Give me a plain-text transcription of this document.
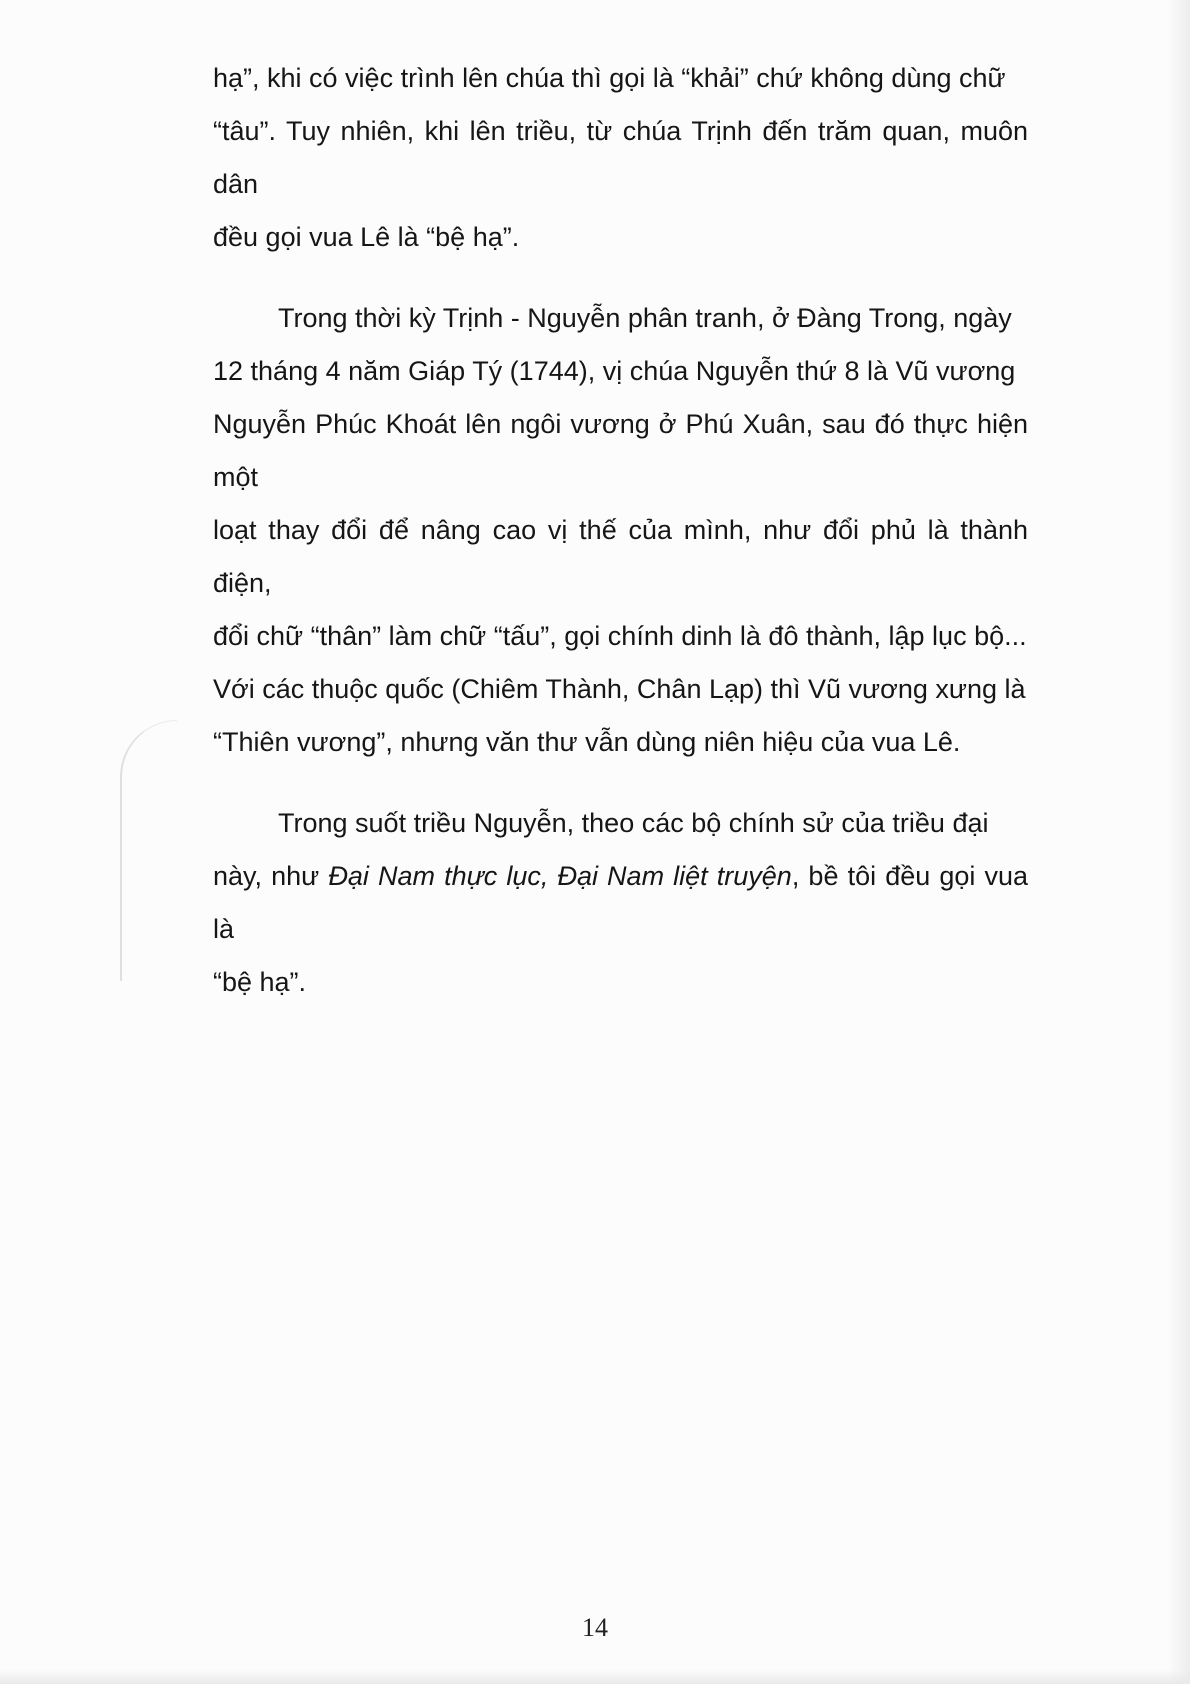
hạ”, khi có việc trình lên chúa thì gọi là “khải” chứ không dùng chữ
“tâu”. Tuy nhiên, khi lên triều, từ chúa Trịnh đến trăm quan, muôn dân
đều gọi vua Lê là “bệ hạ”.

Trong thời kỳ Trịnh - Nguyễn phân tranh, ở Đàng Trong, ngày
12 tháng 4 năm Giáp Tý (1744), vị chúa Nguyễn thứ 8 là Vũ vương
Nguyễn Phúc Khoát lên ngôi vương ở Phú Xuân, sau đó thực hiện một
loạt thay đổi để nâng cao vị thế của mình, như đổi phủ là thành điện,
đổi chữ “thân” làm chữ “tấu”, gọi chính dinh là đô thành, lập lục bộ...
Với các thuộc quốc (Chiêm Thành, Chân Lạp) thì Vũ vương xưng là
“Thiên vương”, nhưng văn thư vẫn dùng niên hiệu của vua Lê.

Trong suốt triều Nguyễn, theo các bộ chính sử của triều đại
này, như Đại Nam thực lục, Đại Nam liệt truyện, bề tôi đều gọi vua là
“bệ hạ”.

14
